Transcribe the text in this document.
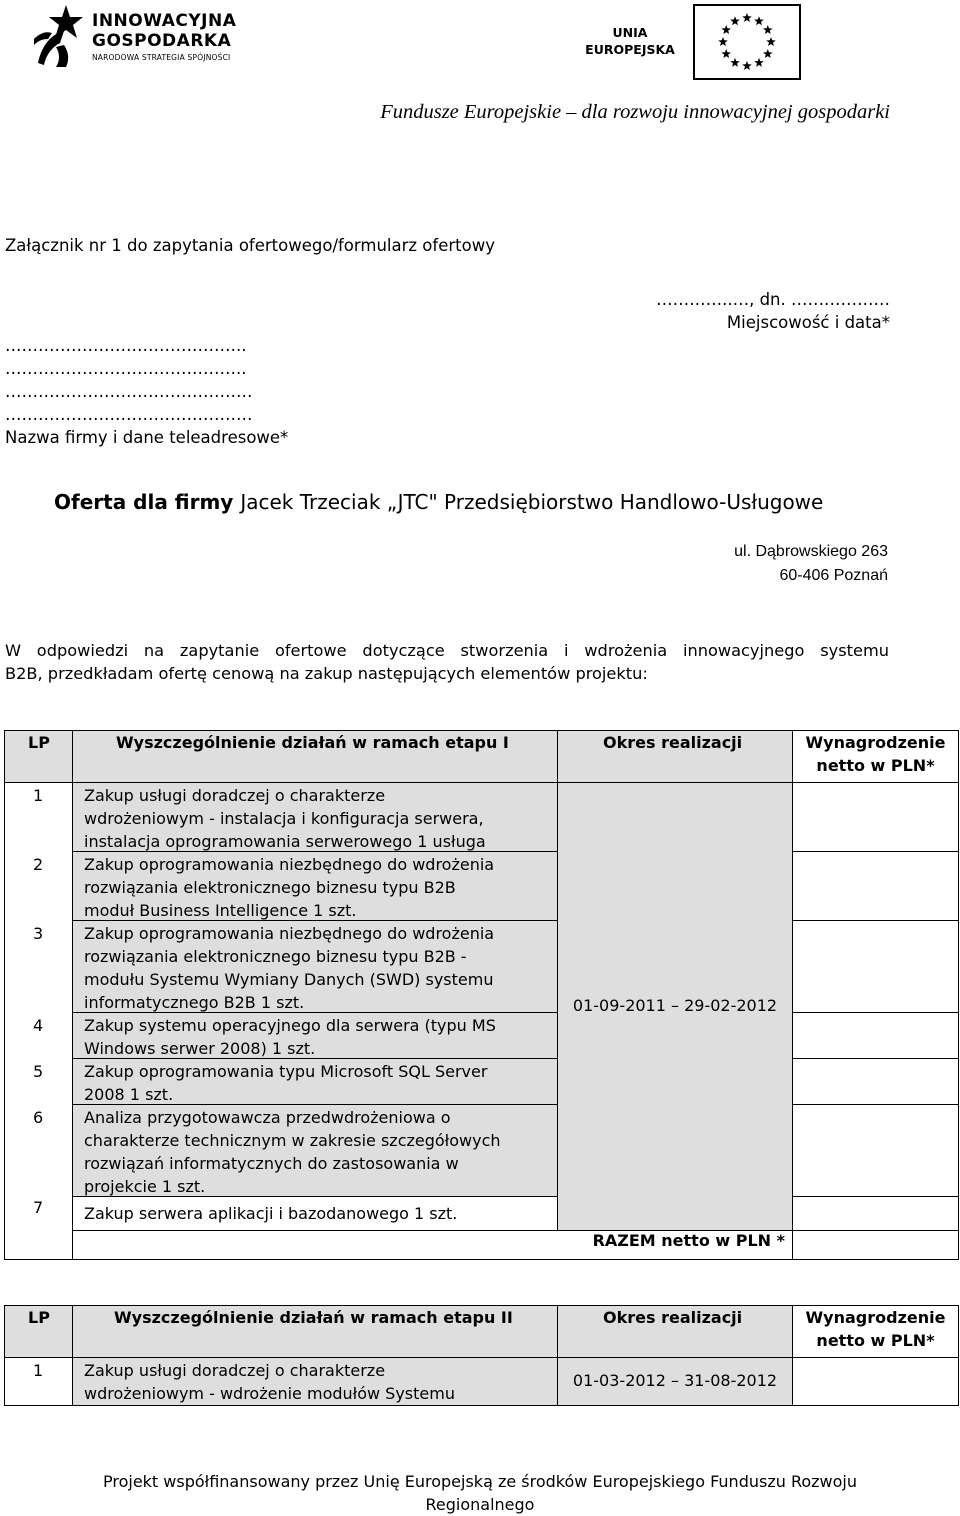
INNOWACYJNA
GOSPODARKA
NARODOWA STRATEGIA SPÓJNOŚCI
UNIA
EUROPEJSKA
Fundusze Europejskie – dla rozwoju innowacyjnej gospodarki
Załącznik nr 1 do zapytania ofertowego/formularz ofertowy
…………..…, dn. ………………
Miejscowość i data*
……………………………………..
……………………………………..
………………………………………
………………………………………
Nazwa firmy i dane teleadresowe*
Oferta dla firmy Jacek Trzeciak „JTC" Przedsiębiorstwo Handlowo-Usługowe
ul. Dąbrowskiego 263
60-406 Poznań
W odpowiedzi na zapytanie ofertowe dotyczące stworzenia i wdrożenia innowacyjnego systemu
B2B, przedkładam ofertę cenową na zakup następujących elementów projektu:
LP	Wyszczególnienie działań w ramach etapu I	Okres realizacji	Wynagrodzenie
netto w PLN*
1	Zakup usługi doradczej o charakterze
wdrożeniowym - instalacja i konfiguracja serwera,
instalacja oprogramowania serwerowego 1 usługa
2	Zakup oprogramowania niezbędnego do wdrożenia
rozwiązania elektronicznego biznesu typu B2B
moduł Business Intelligence 1 szt.
3	Zakup oprogramowania niezbędnego do wdrożenia
rozwiązania elektronicznego biznesu typu B2B -
modułu Systemu Wymiany Danych (SWD) systemu
informatycznego B2B 1 szt.
4	Zakup systemu operacyjnego dla serwera (typu MS
Windows serwer 2008) 1 szt.
5	Zakup oprogramowania typu Microsoft SQL Server
2008 1 szt.
6	Analiza przygotowawcza przedwdrożeniowa o
charakterze technicznym w zakresie szczegółowych
rozwiązań informatycznych do zastosowania w
projekcie 1 szt.
7	Zakup serwera aplikacji i bazodanowego 1 szt.
01-09-2011 – 29-02-2012
RAZEM netto w PLN *
LP	Wyszczególnienie działań w ramach etapu II	Okres realizacji	Wynagrodzenie
netto w PLN*
1	Zakup usługi doradczej o charakterze
wdrożeniowym - wdrożenie modułów Systemu
01-03-2012 – 31-08-2012
Projekt współfinansowany przez Unię Europejską ze środków Europejskiego Funduszu Rozwoju
Regionalnego
